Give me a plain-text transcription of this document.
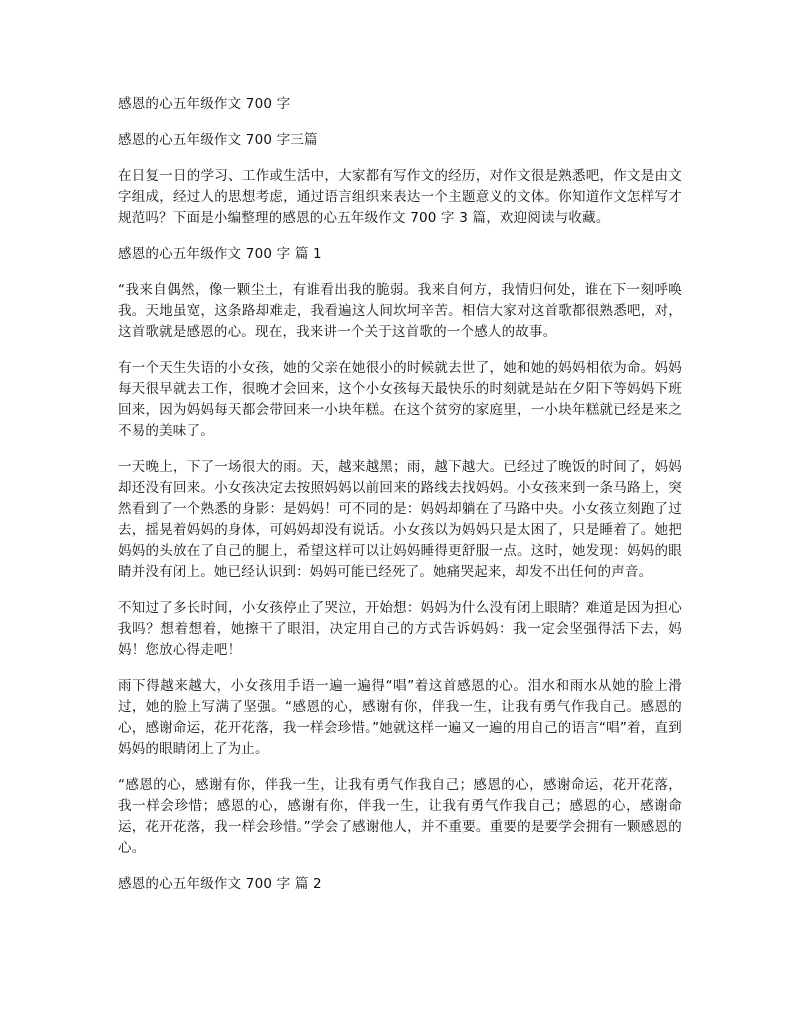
感恩的心五年级作文 700 字

感恩的心五年级作文 700 字三篇

在日复一日的学习、工作或生活中，大家都有写作文的经历，对作文很是熟悉吧，作文是由文字组成，经过人的思想考虑，通过语言组织来表达一个主题意义的文体。你知道作文怎样写才规范吗？下面是小编整理的感恩的心五年级作文 700 字 3 篇，欢迎阅读与收藏。

感恩的心五年级作文 700 字 篇 1

“我来自偶然，像一颗尘土，有谁看出我的脆弱。我来自何方，我情归何处，谁在下一刻呼唤我。天地虽宽，这条路却难走，我看遍这人间坎坷辛苦。相信大家对这首歌都很熟悉吧，对，这首歌就是感恩的心。现在，我来讲一个关于这首歌的一个感人的故事。

有一个天生失语的小女孩，她的父亲在她很小的时候就去世了，她和她的妈妈相依为命。妈妈每天很早就去工作，很晚才会回来，这个小女孩每天最快乐的时刻就是站在夕阳下等妈妈下班回来，因为妈妈每天都会带回来一小块年糕。在这个贫穷的家庭里，一小块年糕就已经是来之不易的美味了。

一天晚上，下了一场很大的雨。天，越来越黑；雨，越下越大。已经过了晚饭的时间了，妈妈却还没有回来。小女孩决定去按照妈妈以前回来的路线去找妈妈。小女孩来到一条马路上，突然看到了一个熟悉的身影：是妈妈！可不同的是：妈妈却躺在了马路中央。小女孩立刻跑了过去，摇晃着妈妈的身体，可妈妈却没有说话。小女孩以为妈妈只是太困了，只是睡着了。她把妈妈的头放在了自己的腿上，希望这样可以让妈妈睡得更舒服一点。这时，她发现：妈妈的眼睛并没有闭上。她已经认识到：妈妈可能已经死了。她痛哭起来，却发不出任何的声音。

不知过了多长时间，小女孩停止了哭泣，开始想：妈妈为什么没有闭上眼睛？难道是因为担心我吗？想着想着，她擦干了眼泪，决定用自己的方式告诉妈妈：我一定会坚强得活下去，妈妈！您放心得走吧！

雨下得越来越大，小女孩用手语一遍一遍得“唱”着这首感恩的心。泪水和雨水从她的脸上滑过，她的脸上写满了坚强。“感恩的心，感谢有你，伴我一生，让我有勇气作我自己。感恩的心，感谢命运，花开花落，我一样会珍惜。”她就这样一遍又一遍的用自己的语言“唱”着，直到妈妈的眼睛闭上了为止。

“感恩的心，感谢有你，伴我一生，让我有勇气作我自己；感恩的心，感谢命运，花开花落，我一样会珍惜；感恩的心，感谢有你，伴我一生，让我有勇气作我自己；感恩的心，感谢命运，花开花落，我一样会珍惜。”学会了感谢他人，并不重要。重要的是要学会拥有一颗感恩的心。

感恩的心五年级作文 700 字 篇 2
